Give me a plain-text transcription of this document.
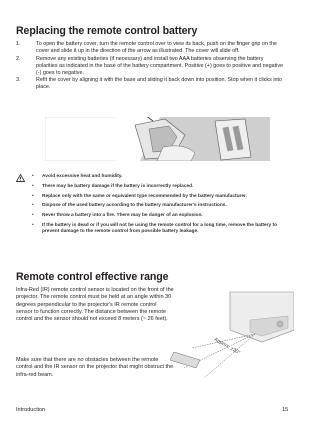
Replacing the remote control battery
1.	To open the battery cover, turn the remote control over to view its back, push on the finger grip on the cover and slide it up in the direction of the arrow as illustrated. The cover will slide off.
2.	Remove any existing batteries (if necessary) and install two AAA batteries observing the battery polarities as indicated in the base of the battery compartment. Positive (+) goes to positive and negative (-) goes to negative.
3.	Refit the cover by aligning it with the base and sliding it back down into position. Stop when it clicks into place.
•	Avoid excessive heat and humidity.
•	There may be battery damage if the battery is incorrectly replaced.
•	Replace only with the same or equivalent type recommended by the battery manufacturer.
•	Dispose of the used battery according to the battery manufacturer's instructions.
•	Never throw a battery into a fire. There may be danger of an explosion.
•	If the battery is dead or if you will not be using the remote control for a long time, remove the battery to prevent damage to the remote control from possible battery leakage.
Remote control effective range

Infra-Red (IR) remote control sensor is located on the front of the projector. The remote control must be held at an angle within 30 degrees perpendicular to the projector's IR remote control sensor to function correctly. The distance between the remote control and the sensor should not exceed 8 meters (~ 26 feet).

Make sure that there are no obstacles between the remote control and the IR sensor on the projector that might obstruct the infra-red beam.

Approx. ±30°
Introduction	15
